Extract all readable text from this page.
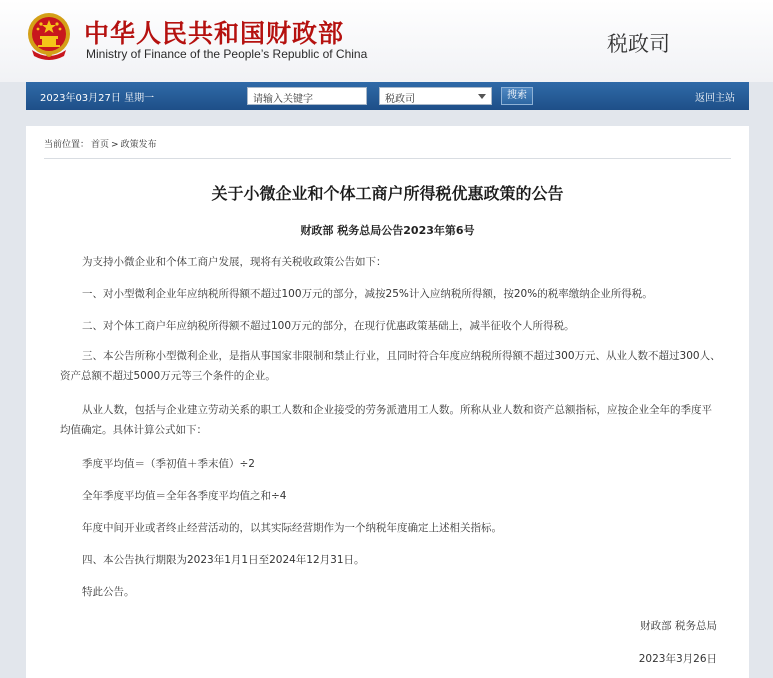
中华人民共和国财政部
Ministry of Finance of the People’s Republic of China	税政司
2023年03月27日 星期一	请输入关键字	税政司	搜索	返回主站
当前位置： 首页 > 政策发布
关于小微企业和个体工商户所得税优惠政策的公告
财政部 税务总局公告2023年第6号
为支持小微企业和个体工商户发展，现将有关税收政策公告如下：
一、对小型微利企业年应纳税所得额不超过100万元的部分，减按25%计入应纳税所得额，按20%的税率缴纳企业所得税。
二、对个体工商户年应纳税所得额不超过100万元的部分，在现行优惠政策基础上，减半征收个人所得税。
三、本公告所称小型微利企业，是指从事国家非限制和禁止行业，且同时符合年度应纳税所得额不超过300万元、从业人数不超过300人、资产总额不超过5000万元等三个条件的企业。
从业人数，包括与企业建立劳动关系的职工人数和企业接受的劳务派遣用工人数。所称从业人数和资产总额指标，应按企业全年的季度平均值确定。具体计算公式如下：
季度平均值＝（季初值＋季末值）÷2
全年季度平均值＝全年各季度平均值之和÷4
年度中间开业或者终止经营活动的，以其实际经营期作为一个纳税年度确定上述相关指标。
四、本公告执行期限为2023年1月1日至2024年12月31日。
特此公告。
财政部 税务总局
2023年3月26日
